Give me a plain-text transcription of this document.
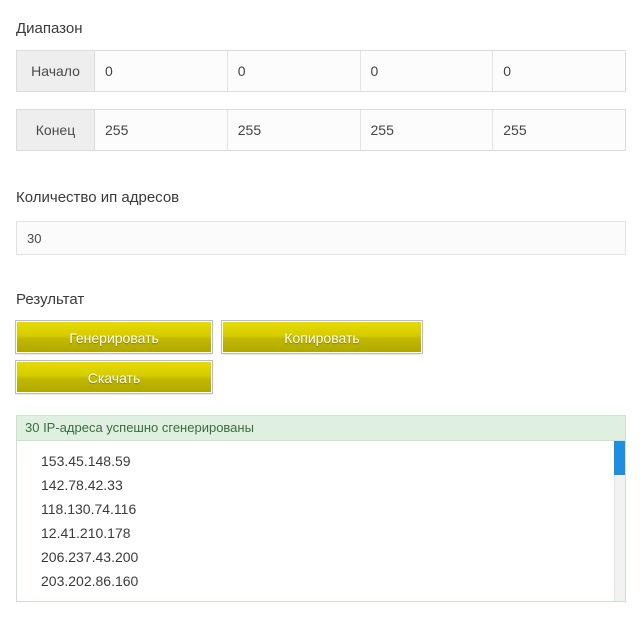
Диапазон
Начало
0
0
0
0
Конец
255
255
255
255
Количество ип адресов
30
Результат
Генерировать	Копировать
Скачать
30 IP-адреса успешно сгенерированы
153.45.148.59
142.78.42.33
118.130.74.116
12.41.210.178
206.237.43.200
203.202.86.160
